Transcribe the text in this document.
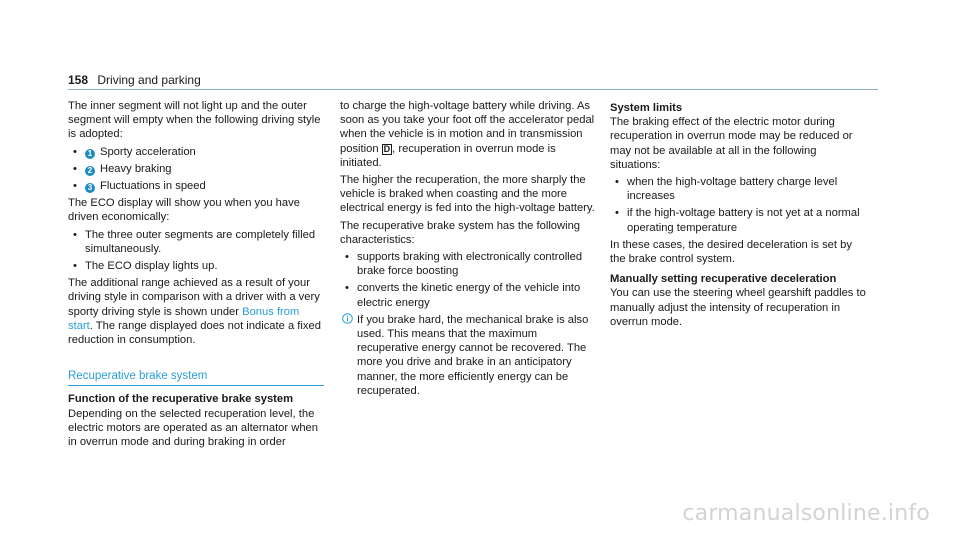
158 Driving and parking

The inner segment will not light up and the outer segment will empty when the following driving style is adopted:

• 1 Sporty acceleration
• 2 Heavy braking
• 3 Fluctuations in speed

The ECO display will show you when you have driven economically:

• The three outer segments are completely filled simultaneously.
• The ECO display lights up.

The additional range achieved as a result of your driving style in comparison with a driver with a very sporty driving style is shown under Bonus from start. The range displayed does not indicate a fixed reduction in consumption.

Recuperative brake system
Function of the recuperative brake system

Depending on the selected recuperation level, the electric motors are operated as an alternator when in overrun mode and during braking in order

to charge the high-voltage battery while driving. As soon as you take your foot off the accelerator pedal when the vehicle is in motion and in transmission position D , recuperation in overrun mode is initiated.

The higher the recuperation, the more sharply the vehicle is braked when coasting and the more electrical energy is fed into the high-voltage battery.

The recuperative brake system has the following characteristics:

• supports braking with electronically controlled brake force boosting
• converts the kinetic energy of the vehicle into electric energy
If you brake hard, the mechanical brake is also used. This means that the maximum recuperative energy cannot be recovered. The more you drive and brake in an anticipatory manner, the more efficiently energy can be recuperated.
System limits

The braking effect of the electric motor during recuperation in overrun mode may be reduced or may not be available at all in the following situations:

• when the high-voltage battery charge level increases
• if the high-voltage battery is not yet at a normal operating temperature

In these cases, the desired deceleration is set by the brake control system.

Manually setting recuperative deceleration

You can use the steering wheel gearshift paddles to manually adjust the intensity of recuperation in overrun mode.

carmanualsonline.info
